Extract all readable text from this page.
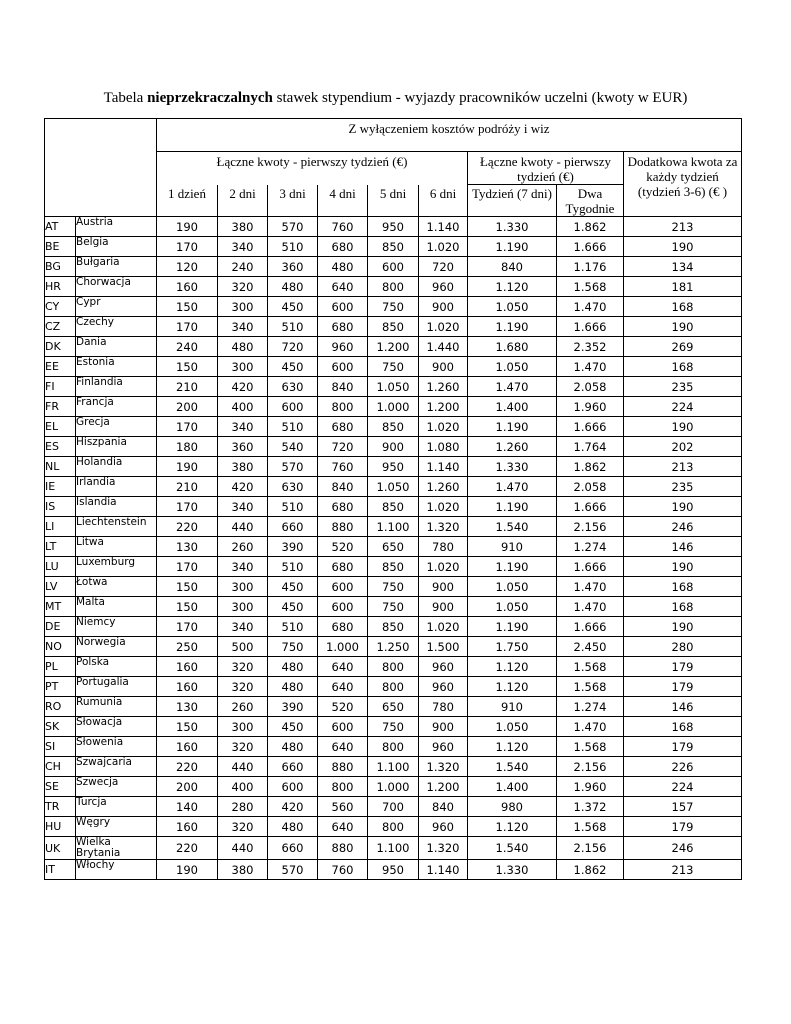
Tabela nieprzekraczalnych stawek stypendium - wyjazdy pracowników uczelni (kwoty w EUR)
		Z wyłączeniem kosztów podróży i wiz								
		Łączne kwoty - pierwszy tydzień (€)						Łączne kwoty - pierwszy tydzień (€)		Dodatkowa kwota za każdy tydzień (tydzień 3-6) (€ )
		1 dzień	2 dni	3 dni	4 dni	5 dni	6 dni	Tydzień (7 dni)	Dwa Tygodnie	
AT	Austria	190	380	570	760	950	1.140	1.330	1.862	213
BE	Belgia	170	340	510	680	850	1.020	1.190	1.666	190
BG	Bułgaria	120	240	360	480	600	720	840	1.176	134
HR	Chorwacja	160	320	480	640	800	960	1.120	1.568	181
CY	Cypr	150	300	450	600	750	900	1.050	1.470	168
CZ	Czechy	170	340	510	680	850	1.020	1.190	1.666	190
DK	Dania	240	480	720	960	1.200	1.440	1.680	2.352	269
EE	Estonia	150	300	450	600	750	900	1.050	1.470	168
FI	Finlandia	210	420	630	840	1.050	1.260	1.470	2.058	235
FR	Francja	200	400	600	800	1.000	1.200	1.400	1.960	224
EL	Grecja	170	340	510	680	850	1.020	1.190	1.666	190
ES	Hiszpania	180	360	540	720	900	1.080	1.260	1.764	202
NL	Holandia	190	380	570	760	950	1.140	1.330	1.862	213
IE	Irlandia	210	420	630	840	1.050	1.260	1.470	2.058	235
IS	Islandia	170	340	510	680	850	1.020	1.190	1.666	190
LI	Liechtenstein	220	440	660	880	1.100	1.320	1.540	2.156	246
LT	Litwa	130	260	390	520	650	780	910	1.274	146
LU	Luxemburg	170	340	510	680	850	1.020	1.190	1.666	190
LV	Łotwa	150	300	450	600	750	900	1.050	1.470	168
MT	Malta	150	300	450	600	750	900	1.050	1.470	168
DE	Niemcy	170	340	510	680	850	1.020	1.190	1.666	190
NO	Norwegia	250	500	750	1.000	1.250	1.500	1.750	2.450	280
PL	Polska	160	320	480	640	800	960	1.120	1.568	179
PT	Portugalia	160	320	480	640	800	960	1.120	1.568	179
RO	Rumunia	130	260	390	520	650	780	910	1.274	146
SK	Słowacja	150	300	450	600	750	900	1.050	1.470	168
SI	Słowenia	160	320	480	640	800	960	1.120	1.568	179
CH	Szwajcaria	220	440	660	880	1.100	1.320	1.540	2.156	226
SE	Szwecja	200	400	600	800	1.000	1.200	1.400	1.960	224
TR	Turcja	140	280	420	560	700	840	980	1.372	157
HU	Węgry	160	320	480	640	800	960	1.120	1.568	179
UK	Wielka Brytania	220	440	660	880	1.100	1.320	1.540	2.156	246
IT	Włochy	190	380	570	760	950	1.140	1.330	1.862	213
